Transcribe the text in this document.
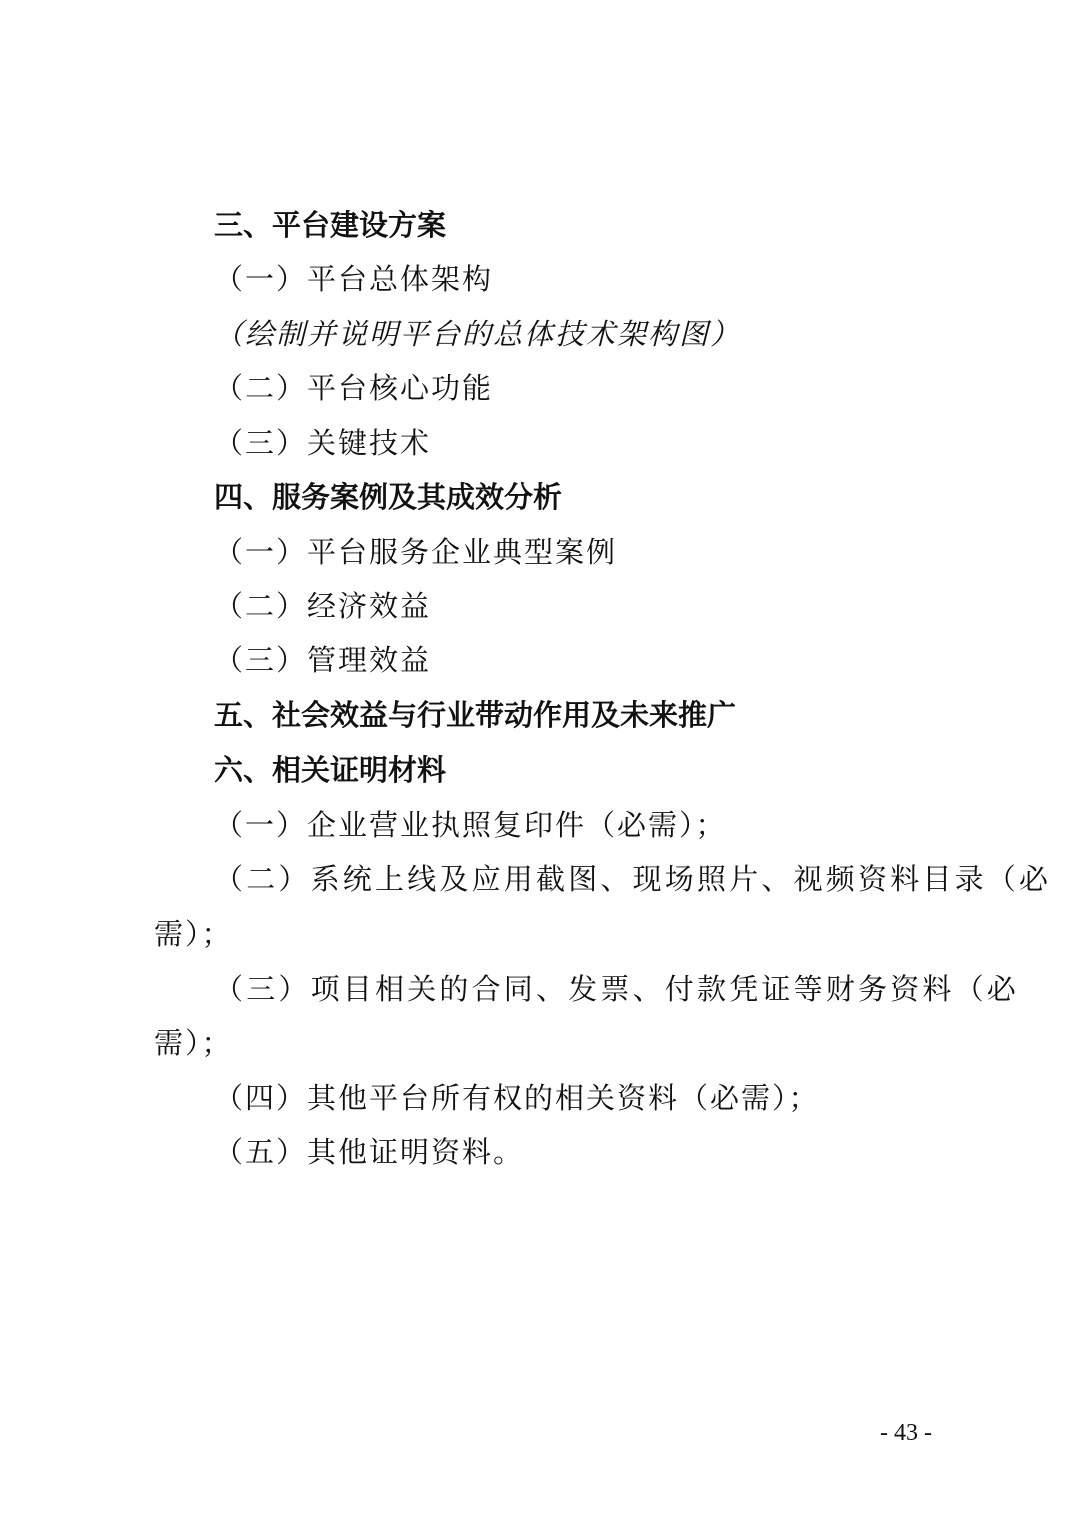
三、平台建设方案
（一）平台总体架构
（绘制并说明平台的总体技术架构图）
（二）平台核心功能
（三）关键技术
四、服务案例及其成效分析
（一）平台服务企业典型案例
（二）经济效益
（三）管理效益
五、社会效益与行业带动作用及未来推广
六、相关证明材料
（一）企业营业执照复印件（必需）；
（二）系统上线及应用截图、现场照片、视频资料目录（必
需）；
（三）项目相关的合同、发票、付款凭证等财务资料（必
需）；
（四）其他平台所有权的相关资料（必需）；
（五）其他证明资料。
- 43 -
